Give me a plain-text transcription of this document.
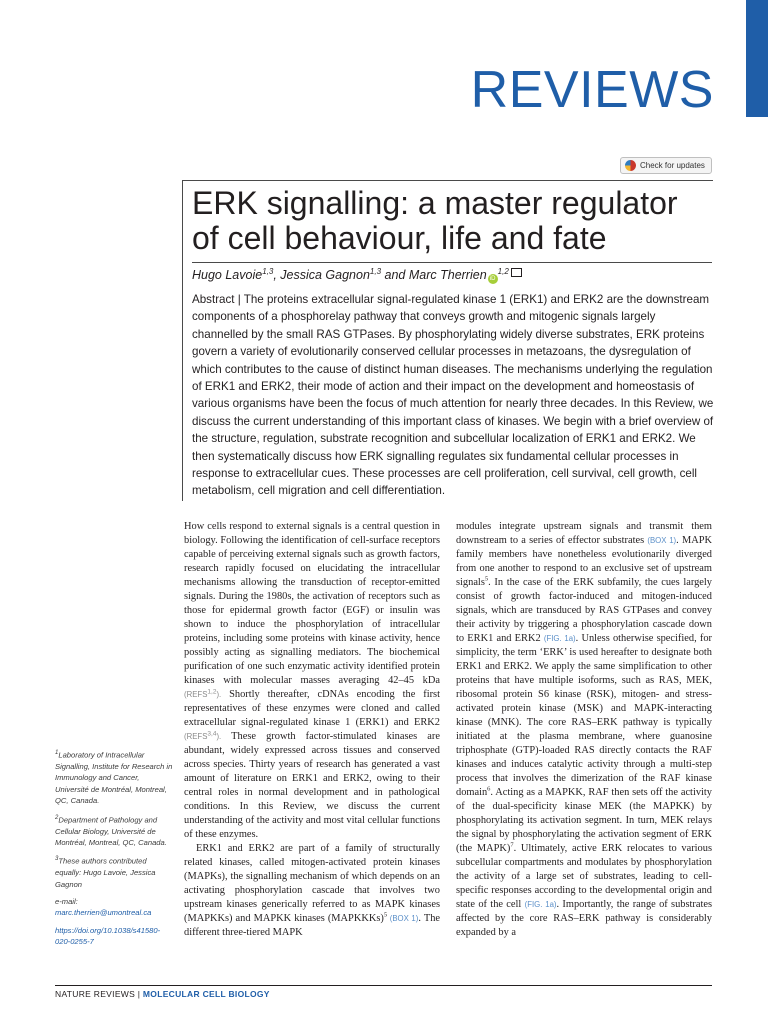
REVIEWS
Check for updates
ERK signalling: a master regulator
of cell behaviour, life and fate
Hugo Lavoie$^{1,3}$, Jessica Gagnon$^{1,3}$ and Marc Therrien iD$^{1,2}$

Abstract | The proteins extracellular signal-regulated kinase 1 (ERK1) and ERK2 are the downstream components of a phosphorelay pathway that conveys growth and mitogenic signals largely channelled by the small RAS GTPases. By phosphorylating widely diverse substrates, ERK proteins govern a variety of evolutionarily conserved cellular processes in metazoans, the dysregulation of which contributes to the cause of distinct human diseases. The mechanisms underlying the regulation of ERK1 and ERK2, their mode of action and their impact on the development and homeostasis of various organisms have been the focus of much attention for nearly three decades. In this Review, we discuss the current understanding of this important class of kinases. We begin with a brief overview of the structure, regulation, substrate recognition and subcellular localization of ERK1 and ERK2. We then systematically discuss how ERK signalling regulates six fundamental cellular processes in response to extracellular cues. These processes are cell proliferation, cell survival, cell growth, cell metabolism, cell migration and cell differentiation.

$^1$Laboratory of Intracellular Signalling, Institute for Research in Immunology and Cancer, Université de Montréal, Montreal, QC, Canada.

$^2$Department of Pathology and Cellular Biology, Université de Montréal, Montreal, QC, Canada.

$^3$These authors contributed equally: Hugo Lavoie, Jessica Gagnon

e-mail: marc.therrien@umontreal.ca

https://doi.org/10.1038/s41580-020-0255-7

How cells respond to external signals is a central question in biology. Following the identification of cell-surface receptors capable of perceiving external signals such as growth factors, research rapidly focused on elucidating the intracellular mechanisms allowing the transduction of receptor-emitted signals. During the 1980s, the activation of receptors such as those for epidermal growth factor (EGF) or insulin was shown to induce the phosphorylation of intracellular proteins, including some proteins with kinase activity, hence possibly acting as signalling mediators. The biochemical purification of one such enzymatic activity identified protein kinases with molecular masses averaging 42–45 kDa (REFS$^{1,2}$). Shortly thereafter, cDNAs encoding the first representatives of these enzymes were cloned and called extracellular signal-regulated kinase 1 (ERK1) and ERK2 (REFS$^{3,4}$). These growth factor-stimulated kinases are abundant, widely expressed across tissues and conserved across species. Thirty years of research has generated a vast amount of literature on ERK1 and ERK2, owing to their central roles in normal development and in pathological conditions. In this Review, we discuss the current understanding of the activity and most vital cellular functions of these enzymes.

ERK1 and ERK2 are part of a family of structurally related kinases, called mitogen-activated protein kinases (MAPKs), the signalling mechanism of which depends on an activating phosphorylation cascade that involves two upstream kinases generically referred to as MAPK kinases (MAPKKs) and MAPKK kinases (MAPKKKs)$^5$ (BOX 1). The different three-tiered MAPK

modules integrate upstream signals and transmit them downstream to a series of effector substrates (BOX 1). MAPK family members have nonetheless evolutionarily diverged from one another to respond to an exclusive set of upstream signals$^5$. In the case of the ERK subfamily, the cues largely consist of growth factor-induced and mitogen-induced signals, which are transduced by RAS GTPases and convey their activity by triggering a phosphorylation cascade down to ERK1 and ERK2 (FIG. 1a). Unless otherwise specified, for simplicity, the term ‘ERK’ is used hereafter to designate both ERK1 and ERK2. We apply the same simplification to other proteins that have multiple isoforms, such as RAS, MEK, ribosomal protein S6 kinase (RSK), mitogen- and stress-activated protein kinase (MSK) and MAPK-interacting kinase (MNK). The core RAS–ERK pathway is typically initiated at the plasma membrane, where guanosine triphosphate (GTP)-loaded RAS directly contacts the RAF kinases and induces catalytic activity through a multi-step process that involves the dimerization of the RAF kinase domain$^6$. Acting as a MAPKK, RAF then sets off the activity of the dual-specificity kinase MEK (the MAPKK) by phosphorylating its activation segment. In turn, MEK relays the signal by phosphorylating the activation segment of ERK (the MAPK)$^7$. Ultimately, active ERK relocates to various subcellular compartments and modulates by phosphorylation the activity of a large set of substrates, leading to cell-specific responses according to the developmental origin and state of the cell (FIG. 1a). Importantly, the range of substrates affected by the core RAS–ERK pathway is considerably expanded by a

NATURE REVIEWS | MOLECULAR CELL BIOLOGY
